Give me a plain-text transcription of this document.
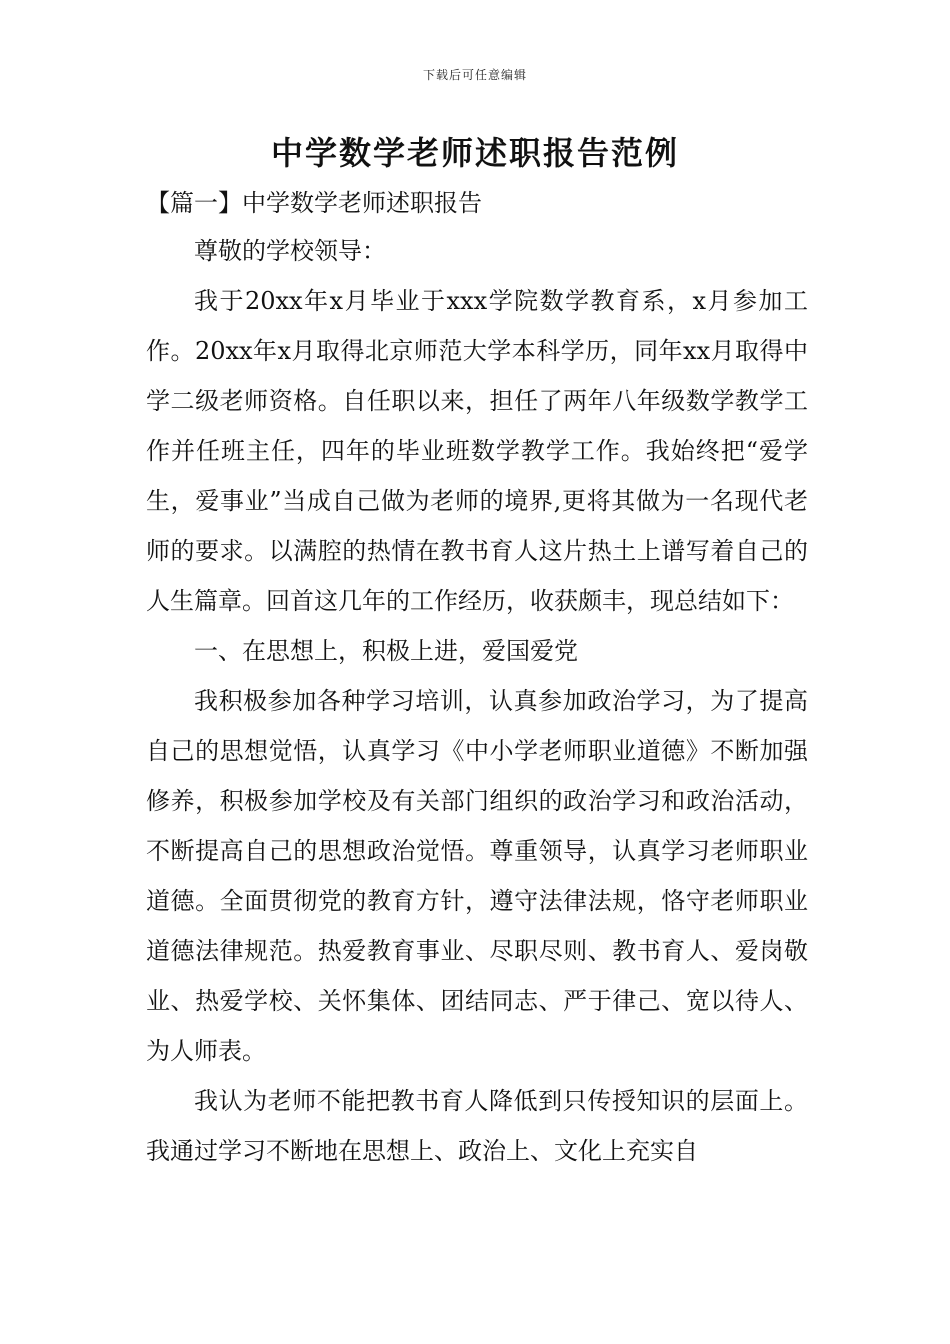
下载后可任意编辑
中学数学老师述职报告范例
【篇一】中学数学老师述职报告

尊敬的学校领导：

我于20xx年x月毕业于xxx学院数学教育系，x月参加工作。20xx年x月取得北京师范大学本科学历，同年xx月取得中学二级老师资格。自任职以来，担任了两年八年级数学教学工作并任班主任，四年的毕业班数学教学工作。我始终把“爱学生，爱事业”当成自己做为老师的境界,更将其做为一名现代老师的要求。以满腔的热情在教书育人这片热土上谱写着自己的人生篇章。回首这几年的工作经历，收获颇丰，现总结如下：

一、在思想上，积极上进，爱国爱党

我积极参加各种学习培训，认真参加政治学习，为了提高自己的思想觉悟，认真学习《中小学老师职业道德》不断加强修养，积极参加学校及有关部门组织的政治学习和政治活动，不断提高自己的思想政治觉悟。尊重领导，认真学习老师职业道德。全面贯彻党的教育方针，遵守法律法规，恪守老师职业道德法律规范。热爱教育事业、尽职尽则、教书育人、爱岗敬业、热爱学校、关怀集体、团结同志、严于律己、宽以待人、为人师表。

我认为老师不能把教书育人降低到只传授知识的层面上。我通过学习不断地在思想上、政治上、文化上充实自
